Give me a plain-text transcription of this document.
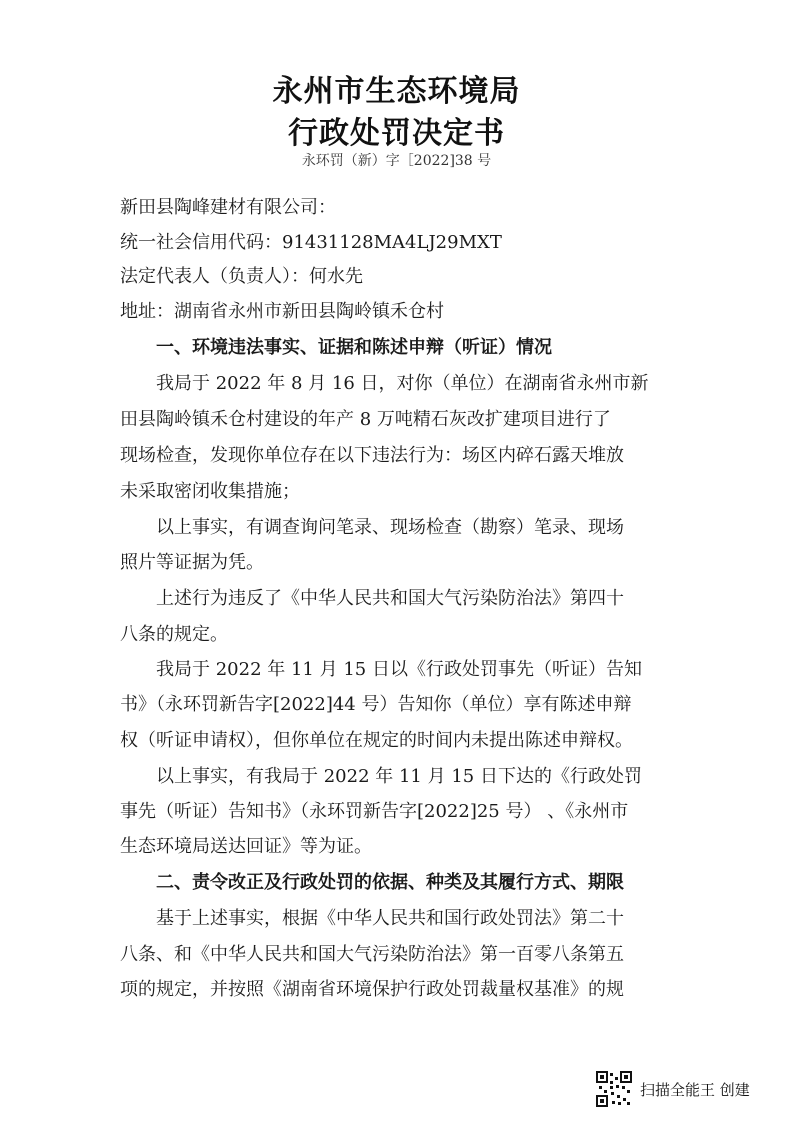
永州市生态环境局
行政处罚决定书
永环罚（新）字［2022]38 号
新田县陶峰建材有限公司：
统一社会信用代码：91431128MA4LJ29MXT
法定代表人（负责人）：何水先
地址：湖南省永州市新田县陶岭镇禾仓村
一、环境违法事实、证据和陈述申辩（听证）情况
我局于 2022 年 8 月 16 日，对你（单位）在湖南省永州市新
田县陶岭镇禾仓村建设的年产 8 万吨精石灰改扩建项目进行了
现场检查，发现你单位存在以下违法行为：场区内碎石露天堆放
未采取密闭收集措施；
以上事实，有调查询问笔录、现场检查（勘察）笔录、现场
照片等证据为凭。
上述行为违反了《中华人民共和国大气污染防治法》第四十
八条的规定。
我局于 2022 年 11 月 15 日以《行政处罚事先（听证）告知
书》（永环罚新告字[2022]44 号）告知你（单位）享有陈述申辩
权（听证申请权），但你单位在规定的时间内未提出陈述申辩权。
以上事实，有我局于 2022 年 11 月 15 日下达的《行政处罚
事先（听证）告知书》（永环罚新告字[2022]25 号） 、《永州市
生态环境局送达回证》等为证。
二、责令改正及行政处罚的依据、种类及其履行方式、期限
基于上述事实，根据《中华人民共和国行政处罚法》第二十
八条、和《中华人民共和国大气污染防治法》第一百零八条第五
项的规定，并按照《湖南省环境保护行政处罚裁量权基准》的规
扫描全能王 创建
